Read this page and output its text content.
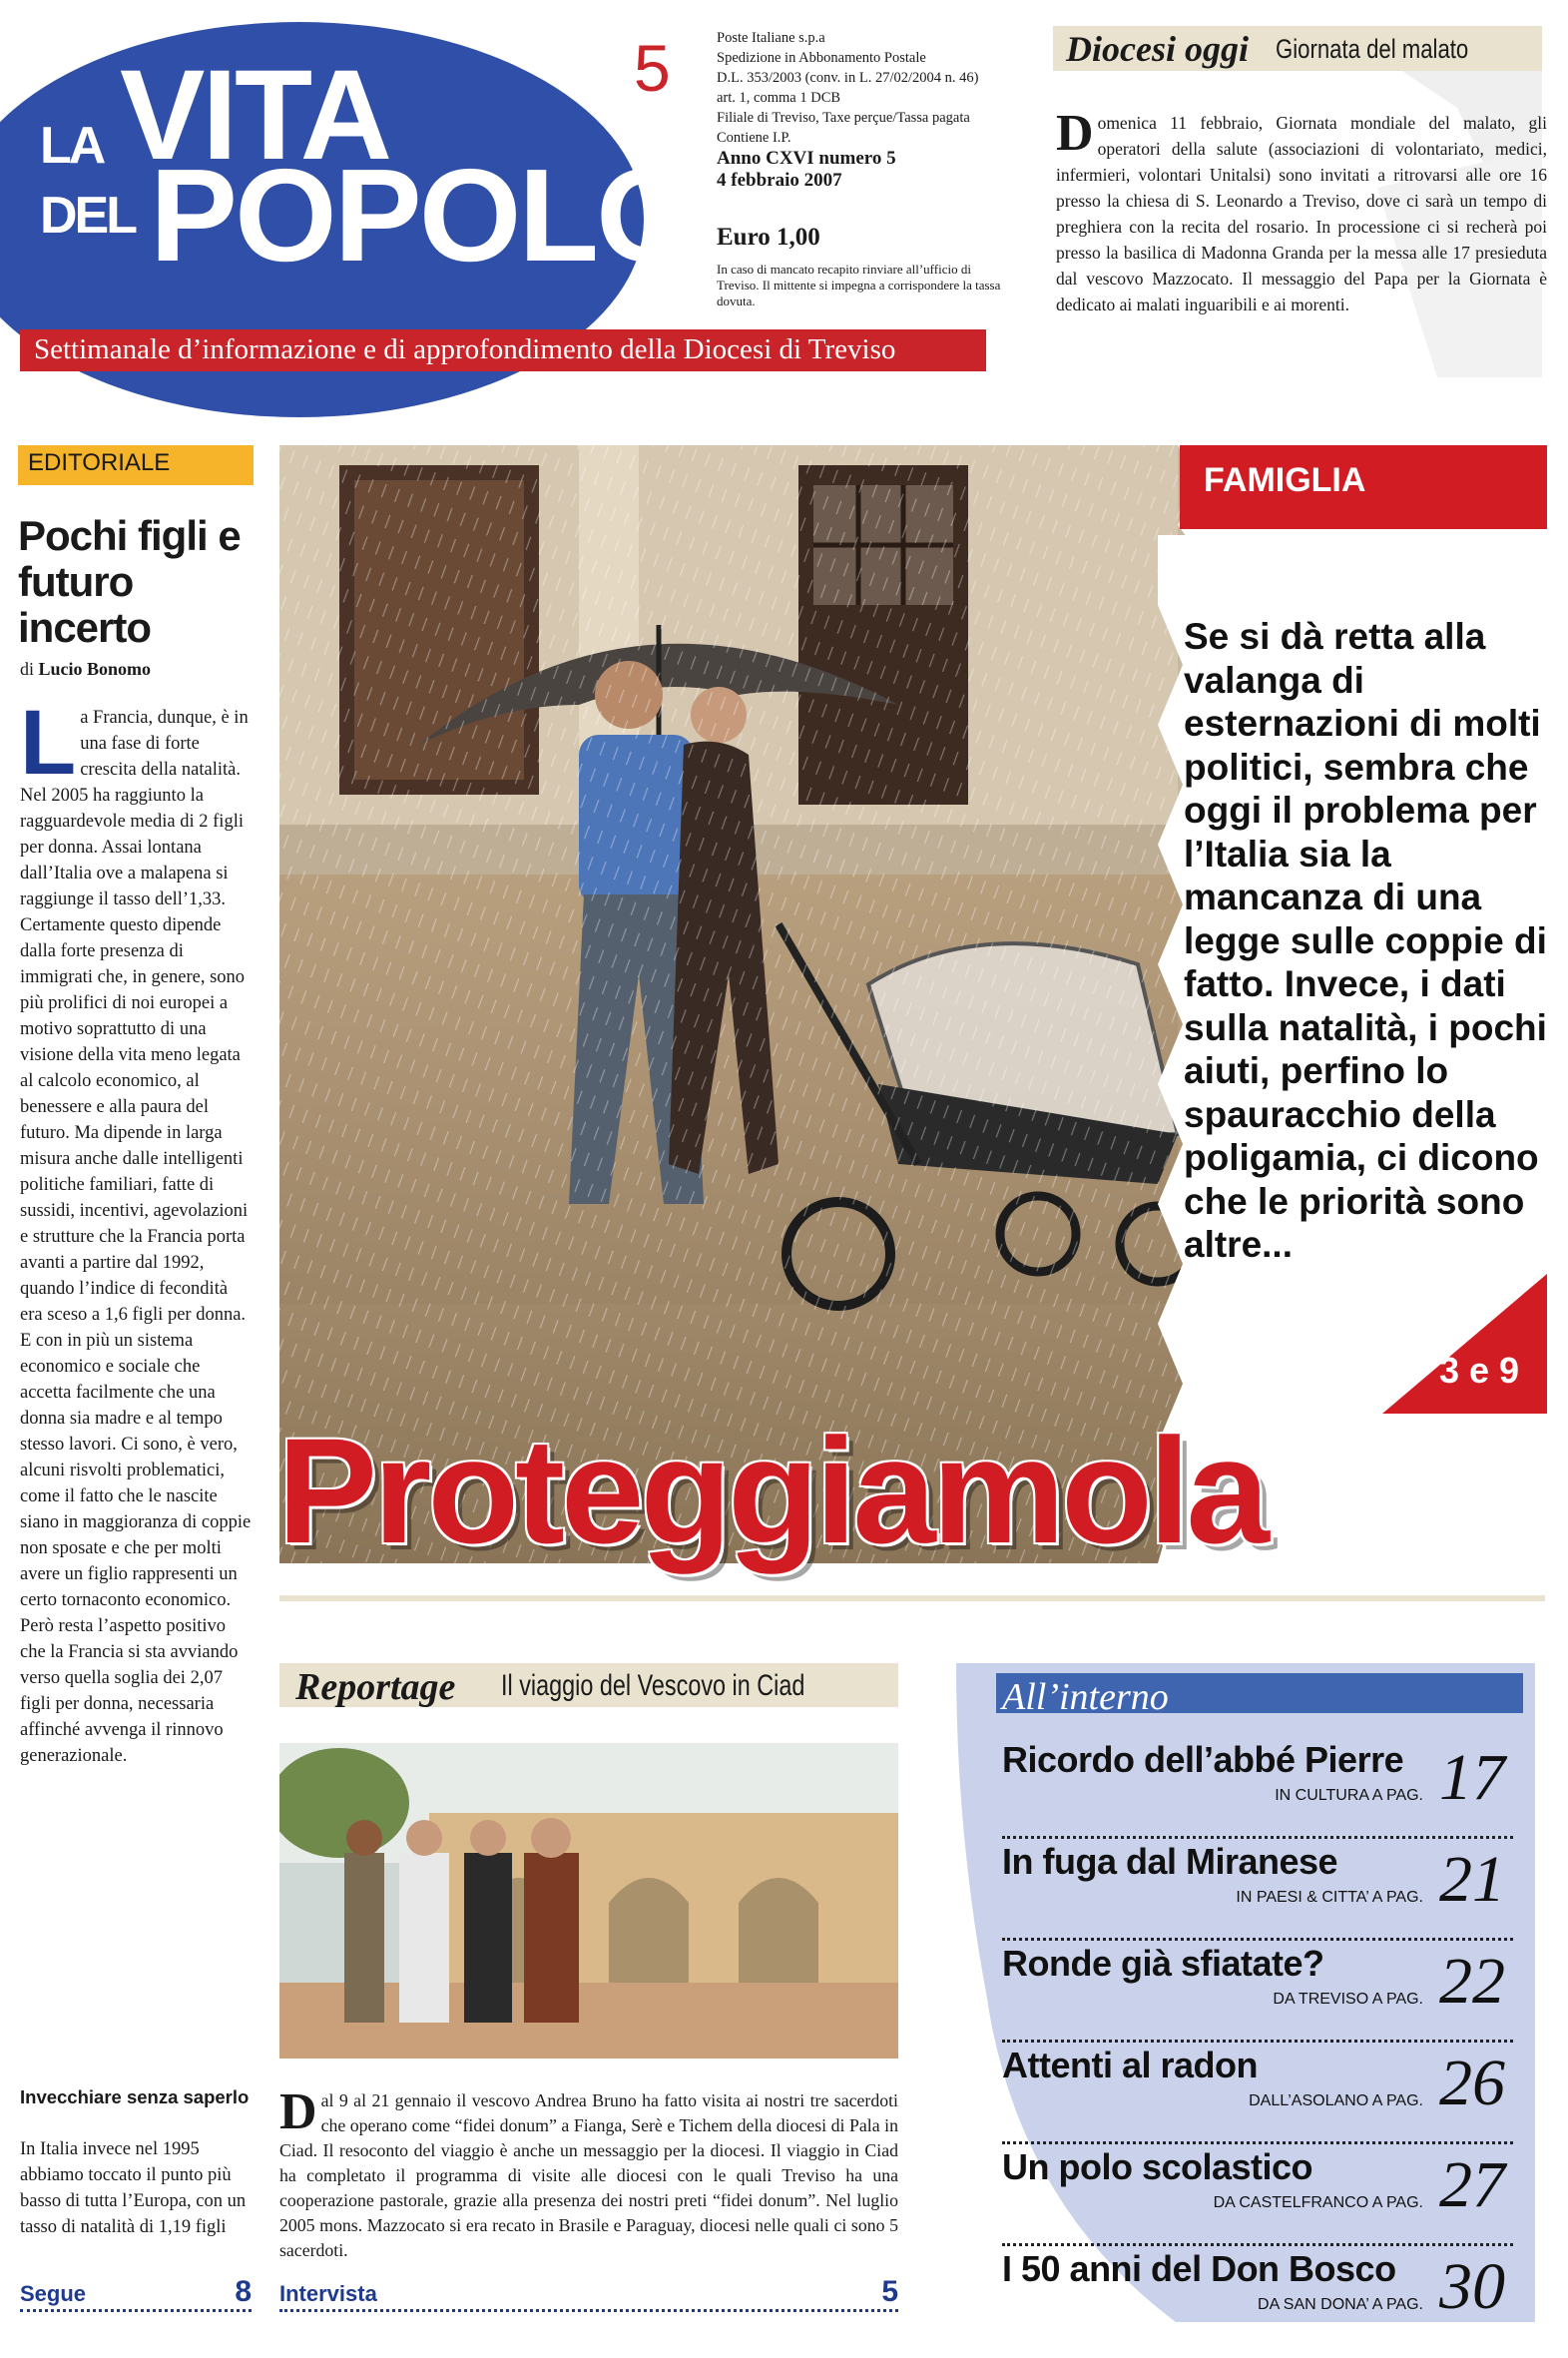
LA VITA
DEL POPOLO
Settimanale d’informazione e di approfondimento della Diocesi di Treviso
5	Poste Italiane s.p.a
Spedizione in Abbonamento Postale
D.L. 353/2003 (conv. in L. 27/02/2004 n. 46)
art. 1, comma 1 DCB
Filiale di Treviso, Taxe perçue/Tassa pagata
Contiene I.P.
Anno CXVI numero 5
4 febbraio 2007
Euro 1,00
In caso di mancato recapito rinviare all’ufficio di Treviso. Il mittente si impegna a corrispondere la tassa dovuta.
Diocesi oggi Giornata del malato
Domenica 11 febbraio, Giornata mondiale del malato, gli operatori della salute (associazioni di volontariato, medici, infermieri, volontari Unitalsi) sono invitati a ritrovarsi alle ore 16 presso la chiesa di S. Leonardo a Treviso, dove ci sarà un tempo di preghiera con la recita del rosario. In processione ci si recherà poi presso la basilica di Madonna Granda per la messa alle 17 presieduta dal vescovo Mazzocato. Il messaggio del Papa per la Giornata è dedicato ai malati inguaribili e ai morenti.
EDITORIALE
Pochi figli e futuro incerto
di Lucio Bonomo
La Francia, dunque, è in una fase di forte crescita della natalità. Nel 2005 ha raggiunto la ragguardevole media di 2 figli per donna. Assai lontana dall’Italia ove a malapena si raggiunge il tasso dell’1,33. Certamente questo dipende dalla forte presenza di immigrati che, in genere, sono più prolifici di noi europei a motivo soprattutto di una visione della vita meno legata al calcolo economico, al benessere e alla paura del futuro. Ma dipende in larga misura anche dalle intelligenti politiche familiari, fatte di sussidi, incentivi, agevolazioni e strutture che la Francia porta avanti a partire dal 1992, quando l’indice di fecondità era sceso a 1,6 figli per donna. E con in più un sistema economico e sociale che accetta facilmente che una donna sia madre e al tempo stesso lavori. Ci sono, è vero, alcuni risvolti problematici, come il fatto che le nascite siano in maggioranza di coppie non sposate e che per molti avere un figlio rappresenti un certo tornaconto economico. Però resta l’aspetto positivo che la Francia si sta avviando verso quella soglia dei 2,07 figli per donna, necessaria affinché avvenga il rinnovo generazionale.
Invecchiare senza saperlo
In Italia invece nel 1995 abbiamo toccato il punto più basso di tutta l’Europa, con un tasso di natalità di 1,19 figli
Segue	8
FAMIGLIA
Se si dà retta alla valanga di esternazioni di molti politici, sembra che oggi il problema per l’Italia sia la mancanza di una legge sulle coppie di fatto. Invece, i dati sulla natalità, i pochi aiuti, perfino lo spauracchio della poligamia, ci dicono che le priorità sono altre...
3 e 9
Proteggiamola
Reportage Il viaggio del Vescovo in Ciad
Dal 9 al 21 gennaio il vescovo Andrea Bruno ha fatto visita ai nostri tre sacerdoti che operano come “fidei donum” a Fianga, Serè e Tichem della diocesi di Pala in Ciad. Il resoconto del viaggio è anche un messaggio per la diocesi. Il viaggio in Ciad ha completato il programma di visite alle diocesi con le quali Treviso ha una cooperazione pastorale, grazie alla presenza dei nostri preti “fidei donum”. Nel luglio 2005 mons. Mazzocato si era recato in Brasile e Paraguay, diocesi nelle quali ci sono 5 sacerdoti.
Intervista	5
All’interno
Ricordo dell’abbé Pierre
IN CULTURA A PAG. 17
In fuga dal Miranese
IN PAESI & CITTA’ A PAG. 21
Ronde già sfiatate?
DA TREVISO A PAG. 22
Attenti al radon
DALL’ASOLANO A PAG. 26
Un polo scolastico
DA CASTELFRANCO A PAG. 27
I 50 anni del Don Bosco
DA SAN DONA’ A PAG. 30
